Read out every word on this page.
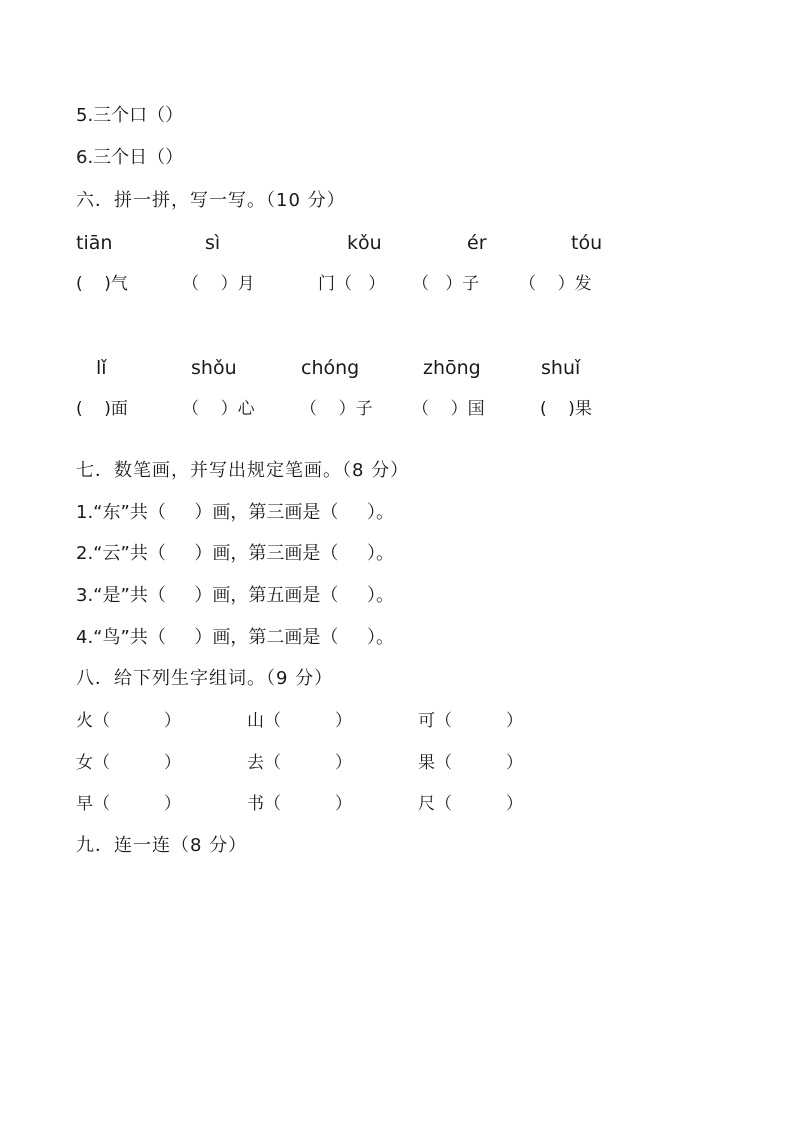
5.三个口（）
6.三个日（）
六．拼一拼，写一写。（10 分）
tiān	sì	kǒu	ér	tóu
(    )气	（    ）月	门（   ） （   ）子 （    ）发
lǐ	shǒu	chóng	zhōng	shuǐ
(    )面	（    ）心	（    ）子 （    ）国	(    )果
七．数笔画，并写出规定笔画。（8 分）
1.“东”共（     ）画，第三画是（     ）。
2.“云”共（     ）画，第三画是（     ）。
3.“是”共（     ）画，第五画是（     ）。
4.“鸟”共（     ）画，第二画是（     ）。
八．给下列生字组词。（9 分）
火（          ）	山（          ）	可（          ）
女（          ）	去（          ）	果（          ）
早（          ）	书（          ）	尺（          ）
九．连一连（8 分）
